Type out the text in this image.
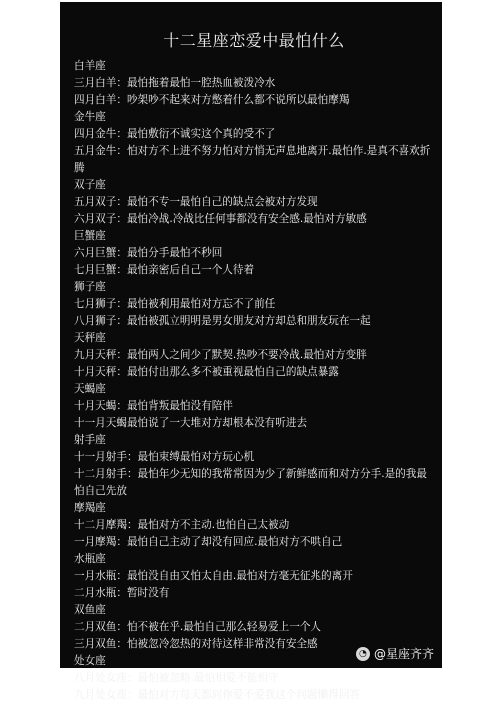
十二星座恋爱中最怕什么
白羊座
三月白羊：最怕拖着最怕一腔热血被泼冷水
四月白羊：吵架吵不起来对方憋着什么都不说所以最怕摩羯
金牛座
四月金牛：最怕敷衍不诚实这个真的受不了
五月金牛：怕对方不上进不努力怕对方悄无声息地离开.最怕作.是真不喜欢折腾
双子座
五月双子：最怕不专一最怕自己的缺点会被对方发现
六月双子：最怕冷战.冷战比任何事都没有安全感.最怕对方敏感
巨蟹座
六月巨蟹：最怕分手最怕不秒回
七月巨蟹：最怕亲密后自己一个人待着
狮子座
七月狮子：最怕被利用最怕对方忘不了前任
八月狮子：最怕被孤立明明是男女朋友对方却总和朋友玩在一起
天秤座
九月天秤：最怕两人之间少了默契.热吵不要冷战.最怕对方变胖
十月天秤：最怕付出那么多不被重视最怕自己的缺点暴露
天蝎座
十月天蝎：最怕背叛最怕没有陪伴
十一月天蝎最怕说了一大堆对方却根本没有听进去
射手座
十一月射手：最怕束缚最怕对方玩心机
十二月射手：最怕年少无知的我常常因为少了新鲜感而和对方分手.是的我最怕自己先放
摩羯座
十二月摩羯：最怕对方不主动.也怕自己太被动
一月摩羯：最怕自己主动了却没有回应.最怕对方不哄自己
水瓶座
一月水瓶：最怕没自由又怕太自由.最怕对方毫无征兆的离开
二月水瓶：暂时没有
双鱼座
二月双鱼：怕不被在乎.最怕自己那么轻易爱上一个人
三月双鱼：怕被忽冷忽热的对待这样非常没有安全感
处女座
八月处女座：最怕被忽略.最怕相爱不能相守
九月处女座：最怕对方每天都问你爱不爱我这个问题懒得回答
◔ @星座齐齐
